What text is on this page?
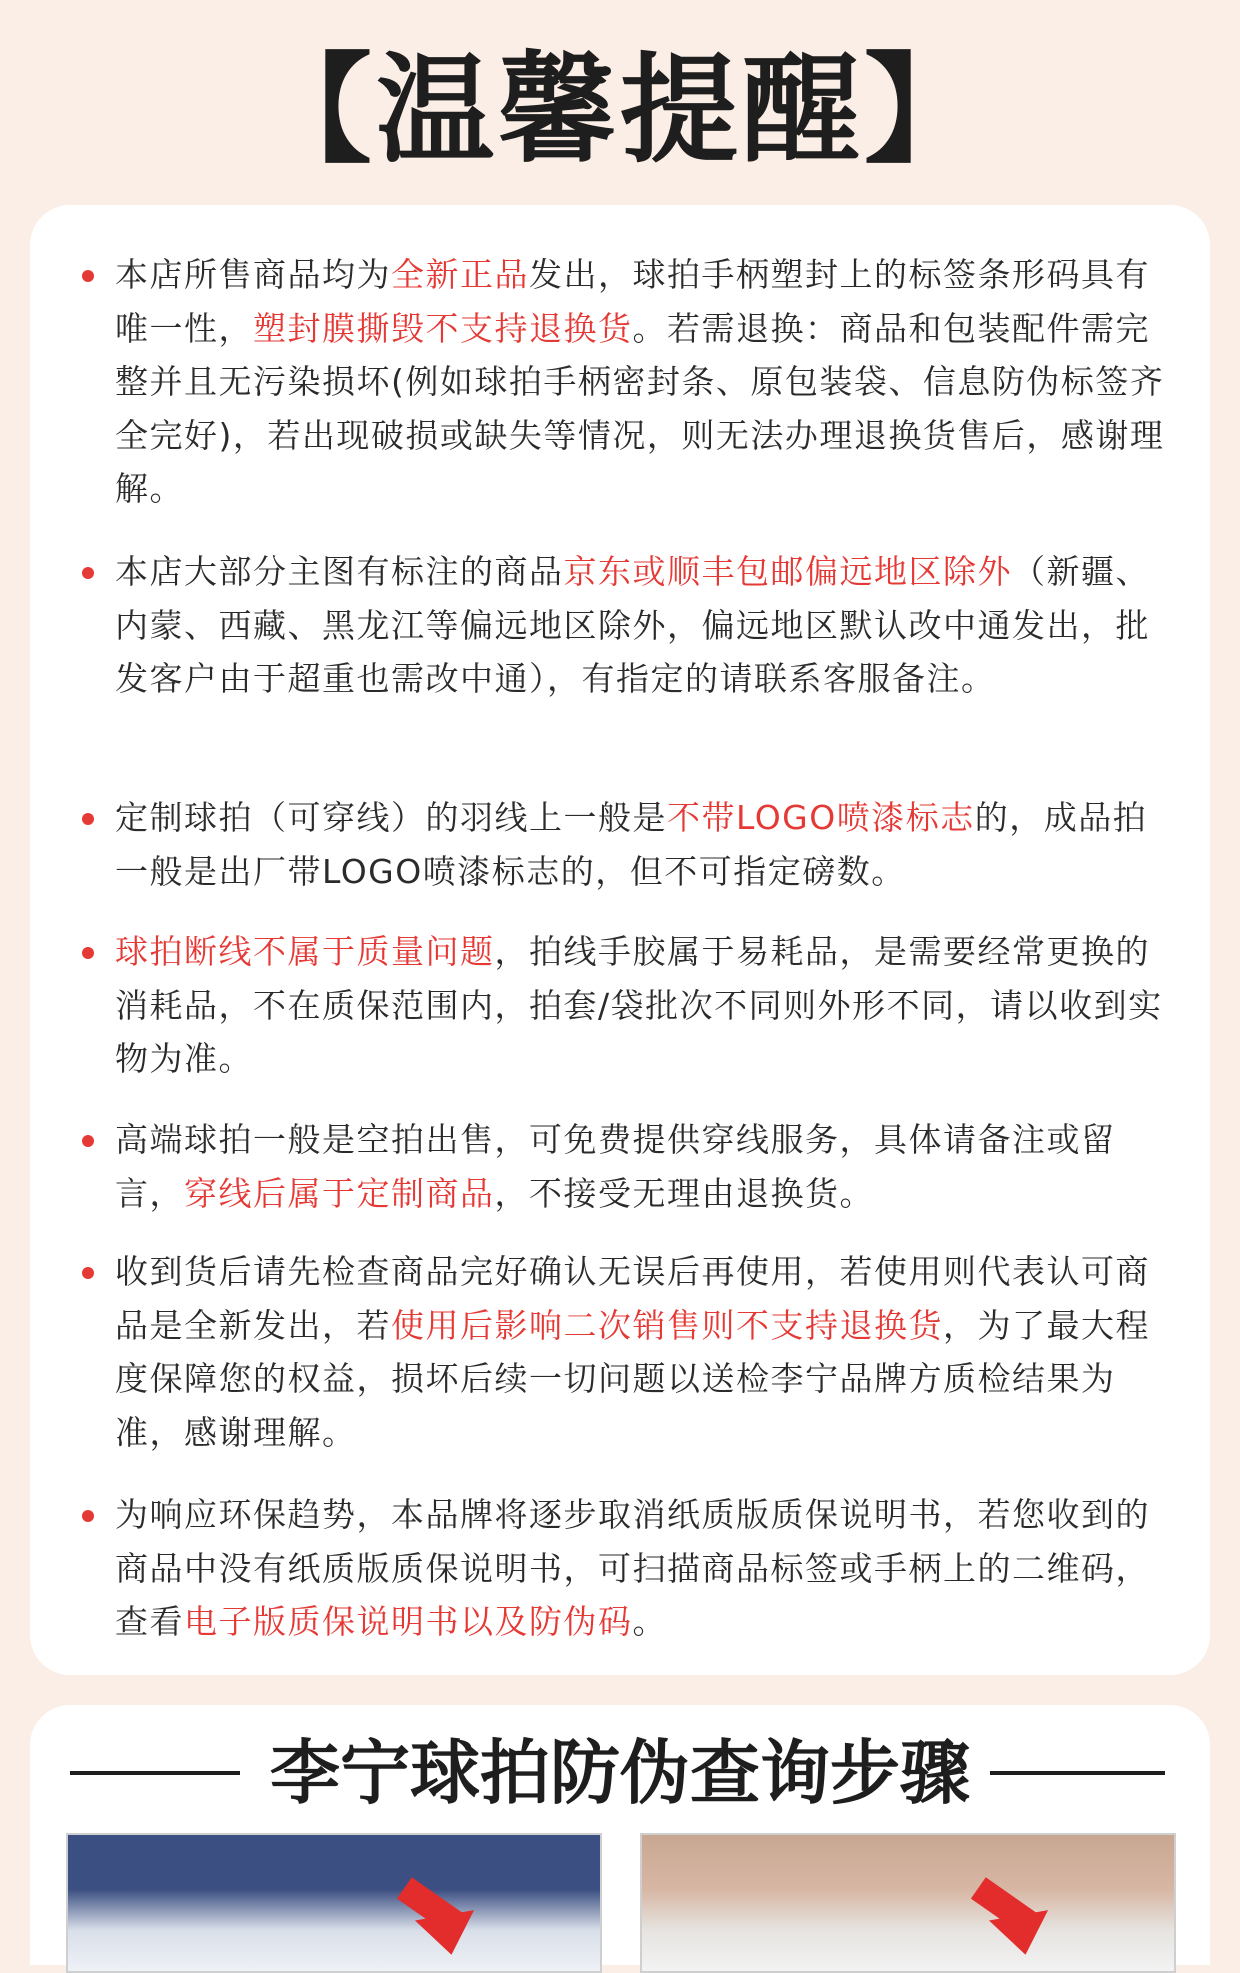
【温馨提醒】

本店所售商品均为全新正品发出，球拍手柄塑封上的标签条形码具有唯一性，塑封膜撕毁不支持退换货。若需退换：商品和包装配件需完整并且无污染损坏(例如球拍手柄密封条、原包装袋、信息防伪标签齐全完好)，若出现破损或缺失等情况，则无法办理退换货售后，感谢理解。

本店大部分主图有标注的商品京东或顺丰包邮偏远地区除外（新疆、内蒙、西藏、黑龙江等偏远地区除外，偏远地区默认改中通发出，批发客户由于超重也需改中通），有指定的请联系客服备注。

定制球拍（可穿线）的羽线上一般是不带LOGO喷漆标志的，成品拍一般是出厂带LOGO喷漆标志的，但不可指定磅数。

球拍断线不属于质量问题，拍线手胶属于易耗品，是需要经常更换的消耗品，不在质保范围内，拍套/袋批次不同则外形不同，请以收到实物为准。

高端球拍一般是空拍出售，可免费提供穿线服务，具体请备注或留言，穿线后属于定制商品，不接受无理由退换货。

收到货后请先检查商品完好确认无误后再使用，若使用则代表认可商品是全新发出，若使用后影响二次销售则不支持退换货，为了最大程度保障您的权益，损坏后续一切问题以送检李宁品牌方质检结果为准，感谢理解。

为响应环保趋势，本品牌将逐步取消纸质版质保说明书，若您收到的商品中没有纸质版质保说明书，可扫描商品标签或手柄上的二维码，查看电子版质保说明书以及防伪码。

李宁球拍防伪查询步骤
